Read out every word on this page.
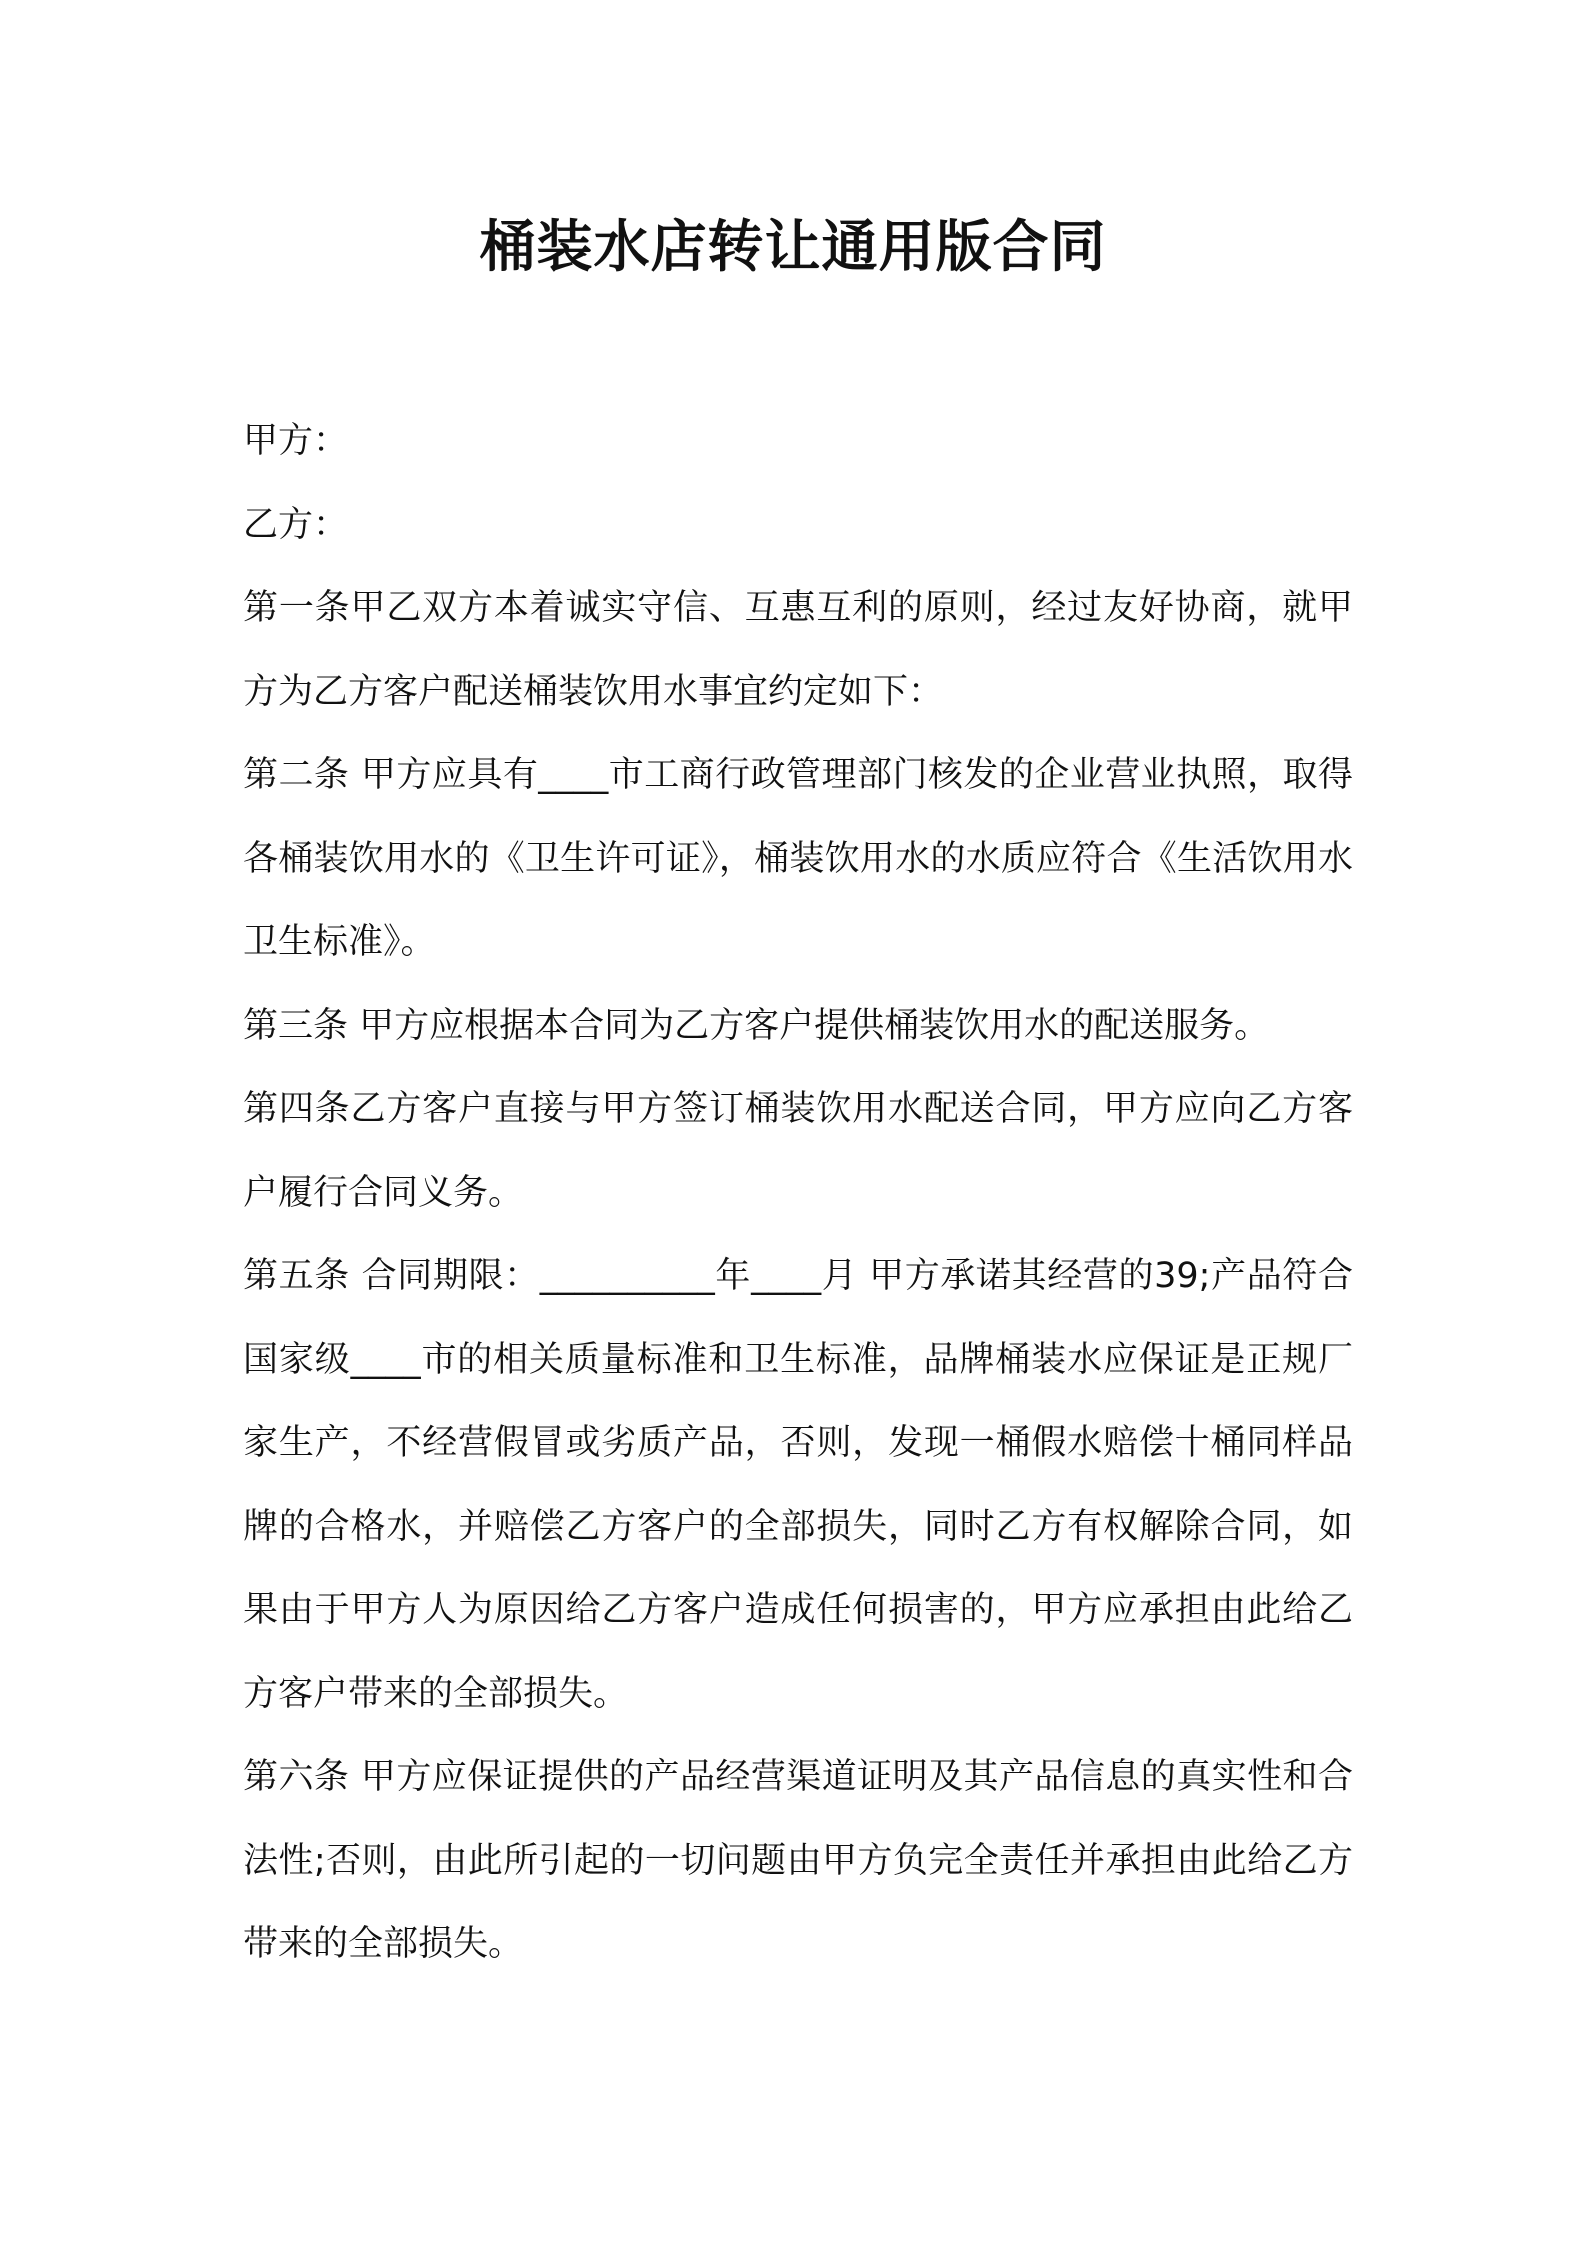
桶装水店转让通用版合同

甲方：

乙方：

第一条甲乙双方本着诚实守信、互惠互利的原则，经过友好协商，就甲方为乙方客户配送桶装饮用水事宜约定如下：

第二条 甲方应具有____市工商行政管理部门核发的企业营业执照，取得各桶装饮用水的《卫生许可证》，桶装饮用水的水质应符合《生活饮用水卫生标准》。

第三条 甲方应根据本合同为乙方客户提供桶装饮用水的配送服务。

第四条乙方客户直接与甲方签订桶装饮用水配送合同，甲方应向乙方客户履行合同义务。

第五条 合同期限：__________年____月 甲方承诺其经营的39;产品符合国家级____市的相关质量标准和卫生标准，品牌桶装水应保证是正规厂家生产，不经营假冒或劣质产品，否则，发现一桶假水赔偿十桶同样品牌的合格水，并赔偿乙方客户的全部损失，同时乙方有权解除合同，如果由于甲方人为原因给乙方客户造成任何损害的，甲方应承担由此给乙方客户带来的全部损失。

第六条 甲方应保证提供的产品经营渠道证明及其产品信息的真实性和合法性;否则，由此所引起的一切问题由甲方负完全责任并承担由此给乙方带来的全部损失。
